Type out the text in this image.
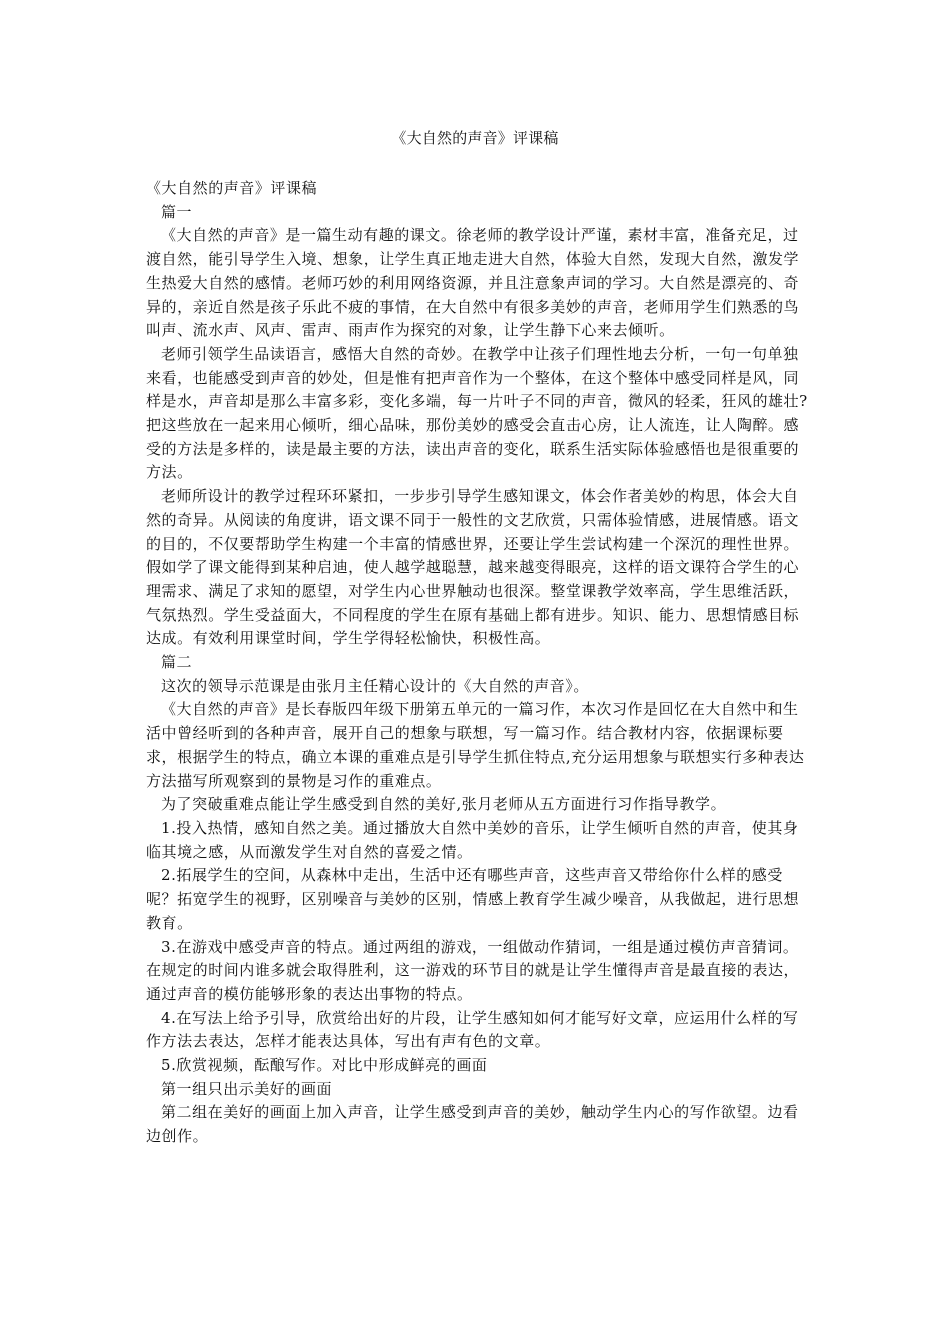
《大自然的声音》评课稿

《大自然的声音》评课稿

篇一

《大自然的声音》是一篇生动有趣的课文。徐老师的教学设计严谨，素材丰富，准备充足，过渡自然，能引导学生入境、想象，让学生真正地走进大自然，体验大自然，发现大自然，激发学生热爱大自然的感情。老师巧妙的利用网络资源，并且注意象声词的学习。大自然是漂亮的、奇异的，亲近自然是孩子乐此不疲的事情，在大自然中有很多美妙的声音，老师用学生们熟悉的鸟叫声、流水声、风声、雷声、雨声作为探究的对象，让学生静下心来去倾听。

老师引领学生品读语言，感悟大自然的奇妙。在教学中让孩子们理性地去分析，一句一句单独来看，也能感受到声音的妙处，但是惟有把声音作为一个整体，在这个整体中感受同样是风，同样是水，声音却是那么丰富多彩，变化多端，每一片叶子不同的声音，微风的轻柔，狂风的雄壮?把这些放在一起来用心倾听，细心品味，那份美妙的感受会直击心房，让人流连，让人陶醉。感受的方法是多样的，读是最主要的方法，读出声音的变化，联系生活实际体验感悟也是很重要的方法。

老师所设计的教学过程环环紧扣，一步步引导学生感知课文，体会作者美妙的构思，体会大自然的奇异。从阅读的角度讲，语文课不同于一般性的文艺欣赏，只需体验情感，进展情感。语文的目的，不仅要帮助学生构建一个丰富的情感世界，还要让学生尝试构建一个深沉的理性世界。假如学了课文能得到某种启迪，使人越学越聪慧，越来越变得眼亮，这样的语文课符合学生的心理需求、满足了求知的愿望，对学生内心世界触动也很深。整堂课教学效率高，学生思维活跃，气氛热烈。学生受益面大，不同程度的学生在原有基础上都有进步。知识、能力、思想情感目标达成。有效利用课堂时间，学生学得轻松愉快，积极性高。

篇二

这次的领导示范课是由张月主任精心设计的《大自然的声音》。

《大自然的声音》是长春版四年级下册第五单元的一篇习作，本次习作是回忆在大自然中和生活中曾经听到的各种声音，展开自己的想象与联想，写一篇习作。结合教材内容，依据课标要求，根据学生的特点，确立本课的重难点是引导学生抓住特点,充分运用想象与联想实行多种表达方法描写所观察到的景物是习作的重难点。

为了突破重难点能让学生感受到自然的美好,张月老师从五方面进行习作指导教学。

1.投入热情，感知自然之美。通过播放大自然中美妙的音乐，让学生倾听自然的声音，使其身临其境之感，从而激发学生对自然的喜爱之情。

2.拓展学生的空间，从森林中走出，生活中还有哪些声音，这些声音又带给你什么样的感受呢？拓宽学生的视野，区别噪音与美妙的区别，情感上教育学生减少噪音，从我做起，进行思想教育。

3.在游戏中感受声音的特点。通过两组的游戏，一组做动作猜词，一组是通过模仿声音猜词。在规定的时间内谁多就会取得胜利，这一游戏的环节目的就是让学生懂得声音是最直接的表达，通过声音的模仿能够形象的表达出事物的特点。

4.在写法上给予引导，欣赏给出好的片段，让学生感知如何才能写好文章，应运用什么样的写作方法去表达，怎样才能表达具体，写出有声有色的文章。

5.欣赏视频，酝酿写作。对比中形成鲜亮的画面

第一组只出示美好的画面

第二组在美好的画面上加入声音，让学生感受到声音的美妙，触动学生内心的写作欲望。边看边创作。
